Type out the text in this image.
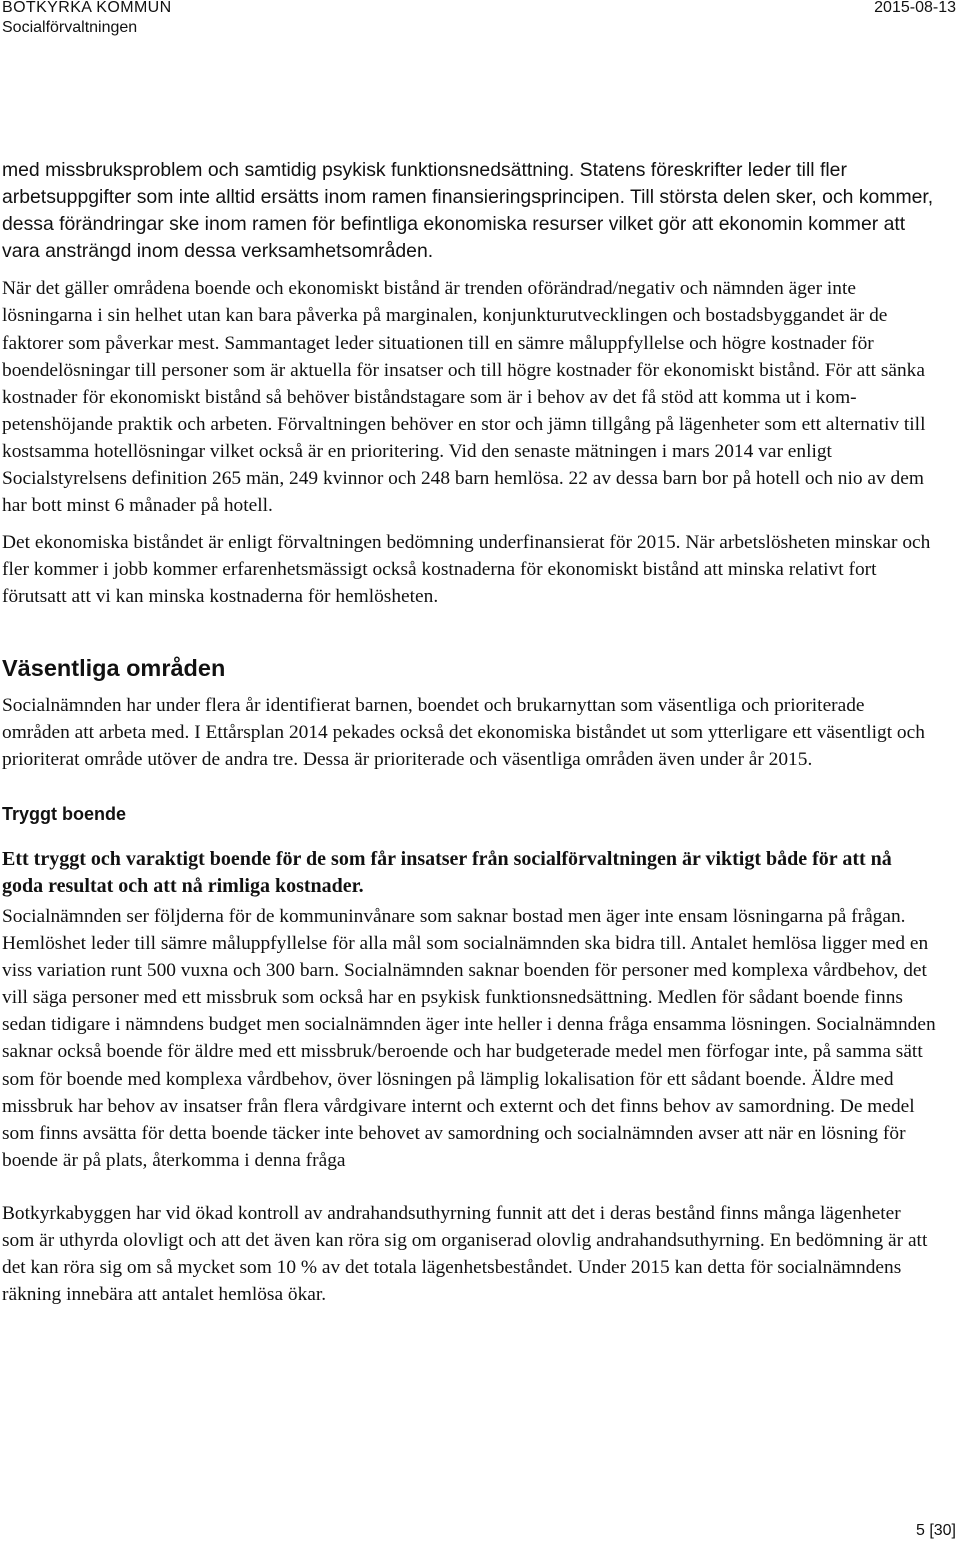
BOTKYRKA KOMMUN
Socialförvaltningen
2015-08-13

med missbruksproblem och samtidig psykisk funktionsnedsättning. Statens föreskrifter leder till fler arbetsuppgifter som inte alltid ersätts inom ramen finansieringsprincipen. Till största delen sker, och kommer, dessa förändringar ske inom ramen för befintliga ekonomiska resurser vilket gör att ekonomin kommer att vara ansträngd inom dessa verksamhetsområden.

När det gäller områdena boende och ekonomiskt bistånd är trenden oförändrad/negativ och nämnden äger inte lösningarna i sin helhet utan kan bara påverka på marginalen, konjunkturutvecklingen och bostadsbyggandet är de faktorer som påverkar mest. Sammantaget leder situationen till en sämre måluppfyllelse och högre kostnader för boendelösningar till personer som är aktuella för insatser och till högre kostnader för ekonomiskt bistånd. För att sänka kostnader för ekonomiskt bistånd så behöver biståndstagare som är i behov av det få stöd att komma ut i kompetenshöjande praktik och arbeten. Förvaltningen behöver en stor och jämn tillgång på lägenheter som ett alternativ till kostsamma hotellösningar vilket också är en prioritering. Vid den senaste mätningen i mars 2014 var enligt Socialstyrelsens definition 265 män, 249 kvinnor och 248 barn hemlösa. 22 av dessa barn bor på hotell och nio av dem har bott minst 6 månader på hotell.

Det ekonomiska biståndet är enligt förvaltningen bedömning underfinansierat för 2015. När arbetslösheten minskar och fler kommer i jobb kommer erfarenhetsmässigt också kostnaderna för ekonomiskt bistånd att minska relativt fort förutsatt att vi kan minska kostnaderna för hemlösheten.

Väsentliga områden

Socialnämnden har under flera år identifierat barnen, boendet och brukarnyttan som väsentliga och prioriterade områden att arbeta med. I Ettårsplan 2014 pekades också det ekonomiska biståndet ut som ytterligare ett väsentligt och prioriterat område utöver de andra tre. Dessa är prioriterade och väsentliga områden även under år 2015.

Tryggt boende

Ett tryggt och varaktigt boende för de som får insatser från socialförvaltningen är viktigt både för att nå goda resultat och att nå rimliga kostnader.

Socialnämnden ser följderna för de kommuninvånare som saknar bostad men äger inte ensam lösningarna på frågan. Hemlöshet leder till sämre måluppfyllelse för alla mål som socialnämnden ska bidra till. Antalet hemlösa ligger med en viss variation runt 500 vuxna och 300 barn. Socialnämnden saknar boenden för personer med komplexa vårdbehov, det vill säga personer med ett missbruk som också har en psykisk funktionsnedsättning. Medlen för sådant boende finns sedan tidigare i nämndens budget men socialnämnden äger inte heller i denna fråga ensamma lösningen. Socialnämnden saknar också boende för äldre med ett missbruk/beroende och har budgeterade medel men förfogar inte, på samma sätt som för boende med komplexa vårdbehov, över lösningen på lämplig lokalisation för ett sådant boende. Äldre med missbruk har behov av insatser från flera vårdgivare internt och externt och det finns behov av samordning. De medel som finns avsätta för detta boende täcker inte behovet av samordning och socialnämnden avser att när en lösning för boende är på plats, återkomma i denna fråga

Botkyrkabyggen har vid ökad kontroll av andrahandsuthyrning funnit att det i deras bestånd finns många lägenheter som är uthyrda olovligt och att det även kan röra sig om organiserad olovlig andrahandsuthyrning. En bedömning är att det kan röra sig om så mycket som 10 % av det totala lägenhetsbeståndet. Under 2015 kan detta för socialnämndens räkning innebära att antalet hemlösa ökar.

5 [30]
